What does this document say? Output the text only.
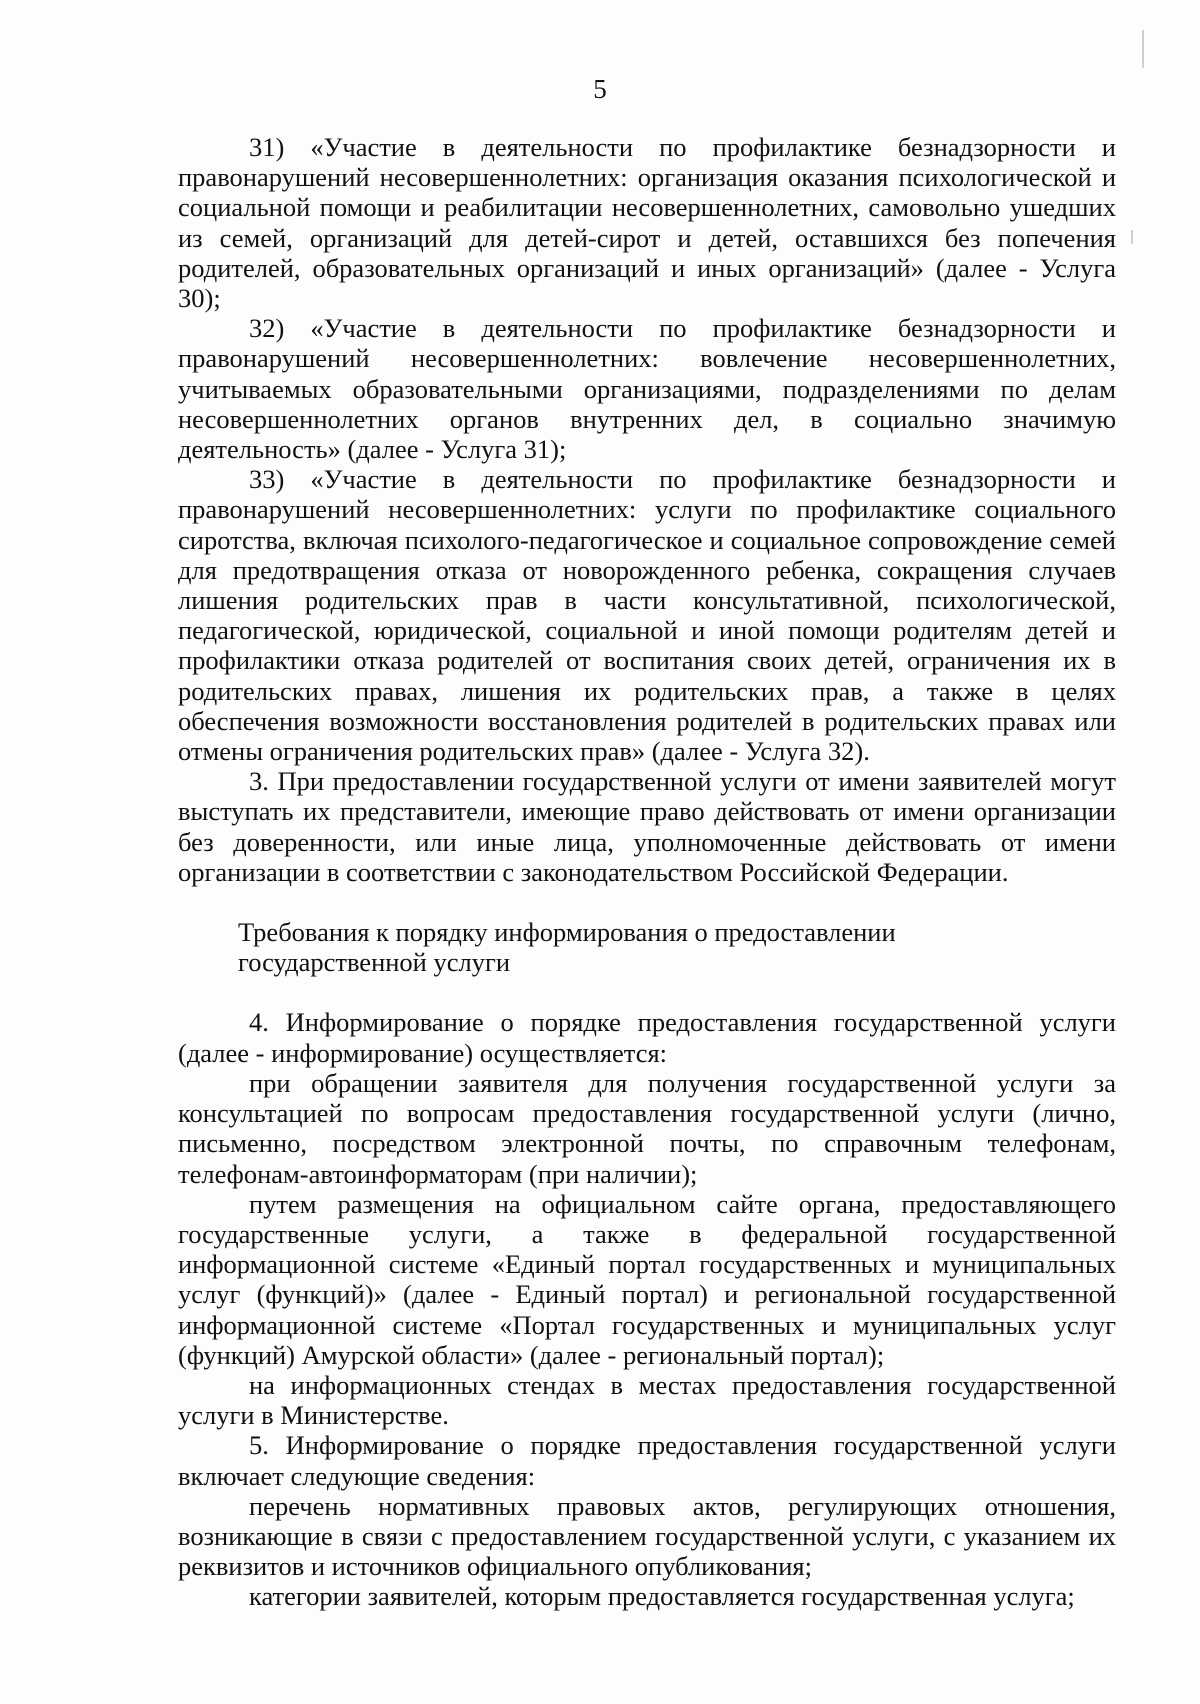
5

31) «Участие в деятельности по профилактике безнадзорности и правонарушений несовершеннолетних: организация оказания психологической и социальной помощи и реабилитации несовершеннолетних, самовольно ушедших из семей, организаций для детей-сирот и детей, оставшихся без попечения родителей, образовательных организаций и иных организаций» (далее - Услуга 30);

32) «Участие в деятельности по профилактике безнадзорности и правонарушений несовершеннолетних: вовлечение несовершеннолетних, учитываемых образовательными организациями, подразделениями по делам несовершеннолетних органов внутренних дел, в социально значимую деятельность» (далее - Услуга 31);

33) «Участие в деятельности по профилактике безнадзорности и правонарушений несовершеннолетних: услуги по профилактике социального сиротства, включая психолого-педагогическое и социальное сопровождение семей для предотвращения отказа от новорожденного ребенка, сокращения случаев лишения родительских прав в части консультативной, психологической, педагогической, юридической, социальной и иной помощи родителям детей и профилактики отказа родителей от воспитания своих детей, ограничения их в родительских правах, лишения их родительских прав, а также в целях обеспечения возможности восстановления родителей в родительских правах или отмены ограничения родительских прав» (далее - Услуга 32).

3. При предоставлении государственной услуги от имени заявителей могут выступать их представители, имеющие право действовать от имени организации без доверенности, или иные лица, уполномоченные действовать от имени организации в соответствии с законодательством Российской Федерации.

Требования к порядку информирования о предоставлении
государственной услуги

4. Информирование о порядке предоставления государственной услуги (далее - информирование) осуществляется:

при обращении заявителя для получения государственной услуги за консультацией по вопросам предоставления государственной услуги (лично, письменно, посредством электронной почты, по справочным телефонам, телефонам-автоинформаторам (при наличии);

путем размещения на официальном сайте органа, предоставляющего государственные услуги, а также в федеральной государственной информационной системе «Единый портал государственных и муниципальных услуг (функций)» (далее - Единый портал) и региональной государственной информационной системе «Портал государственных и муниципальных услуг (функций) Амурской области» (далее - региональный портал);

на информационных стендах в местах предоставления государственной услуги в Министерстве.

5. Информирование о порядке предоставления государственной услуги включает следующие сведения:

перечень нормативных правовых актов, регулирующих отношения, возникающие в связи с предоставлением государственной услуги, с указанием их реквизитов и источников официального опубликования;

категории заявителей, которым предоставляется государственная услуга;
